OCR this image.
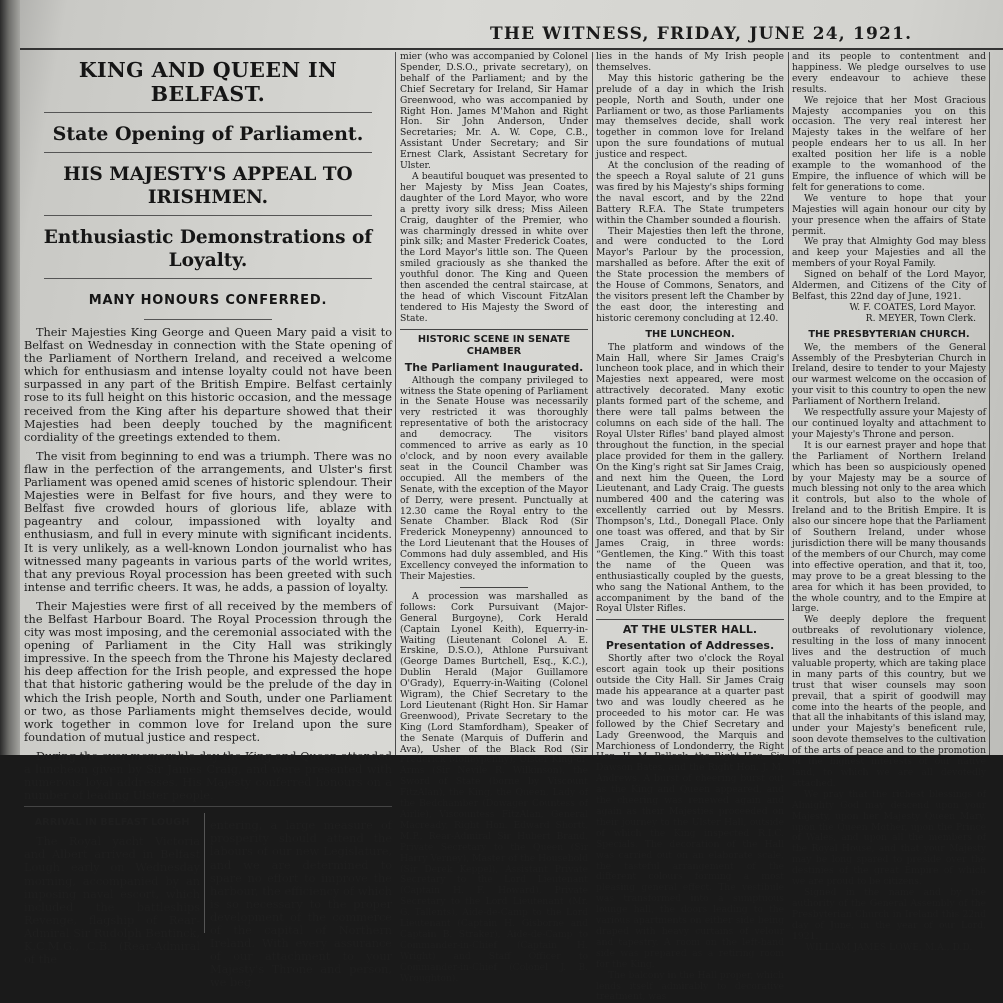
THE WITNESS, FRIDAY, JUNE 24, 1921.
KING AND QUEEN IN BELFAST.
State Opening of Parliament.
HIS MAJESTY'S APPEAL TO IRISHMEN.
Enthusiastic Demonstrations of Loyalty.
MANY HONOURS CONFERRED.

Their Majesties King George and Queen Mary paid a visit to Belfast on Wednesday in connection with the State opening of the Parliament of Northern Ireland, and received a welcome which for enthusiasm and intense loyalty could not have been surpassed in any part of the British Empire. Belfast certainly rose to its full height on this historic occasion, and the message received from the King after his departure showed that their Majesties had been deeply touched by the magnificent cordiality of the greetings extended to them.

The visit from beginning to end was a triumph. There was no flaw in the perfection of the arrangements, and Ulster's first Parliament was opened amid scenes of historic splendour. Their Majesties were in Belfast for five hours, and they were to Belfast five crowded hours of glorious life, ablaze with pageantry and colour, impassioned with loyalty and enthusiasm, and full in every minute with significant incidents. It is very unlikely, as a well-known London journalist who has witnessed many pageants in various parts of the world writes, that any previous Royal procession has been greeted with such intense and terrific cheers. It was, he adds, a passion of loyalty.

Their Majesties were first of all received by the members of the Belfast Harbour Board. The Royal Procession through the city was most imposing, and the ceremonial associated with the opening of Parliament in the City Hall was strikingly impressive. In the speech from the Throne his Majesty declared his deep affection for the Irish people, and expressed the hope that that historic gathering would be the prelude of the day in which the Irish people, North and South, under one Parliament or two, as those Parliaments might themselves decide, would work together in common love for Ireland upon the sure foundation of mutual justice and respect.

During the ever memorable day the King and Queen attended a luncheon given by Sir James Craig, and were presented with numerous loyal addresses. His Majesty conferred honours on a number of leading Ulster people.

ARRIVAL IN BELFAST LOUGH

The Royal yacht Victoria and Albert arrived in Belfast Lough early on Wednesday morning, accompanied by an imposing naval escort, which included the battleships Revenge, flagship of Rear-Admiral Sir Rudolph Bentinck, K.C.M.G., C.B. (Rear-Admiral of the

entering, a large measure of prosperity should attend the labours of our new Legislature, and we are determined to spare no effort to improve the harbour, the efficiency of which is so necessary to the proper development of the commerce of the capital of Northern Ireland. With every assurance of our attachment to your Majesty's Throne and person, we beg

mier (who was accompanied by Colonel Spender, D.S.O., private secretary), on behalf of the Parliament; and by the Chief Secretary for Ireland, Sir Hamar Greenwood, who was accompanied by Right Hon. James M'Mahon and Right Hon. Sir John Anderson, Under Secretaries; Mr. A. W. Cope, C.B., Assistant Under Secretary; and Sir Ernest Clark, Assistant Secretary for Ulster.

A beautiful bouquet was presented to her Majesty by Miss Jean Coates, daughter of the Lord Mayor, who wore a pretty ivory silk dress; Miss Aileen Craig, daughter of the Premier, who was charmingly dressed in white over pink silk; and Master Frederick Coates, the Lord Mayor's little son. The Queen smiled graciously as she thanked the youthful donor. The King and Queen then ascended the central staircase, at the head of which Viscount FitzAlan tendered to His Majesty the Sword of State.

HISTORIC SCENE IN SENATE CHAMBER
The Parliament Inaugurated.

Although the company privileged to witness the State opening of Parliament in the Senate House was necessarily very restricted it was thoroughly representative of both the aristocracy and democracy. The visitors commenced to arrive as early as 10 o'clock, and by noon every available seat in the Council Chamber was occupied. All the members of the Senate, with the exception of the Mayor of Derry, were present. Punctually at 12.30 came the Royal entry to the Senate Chamber. Black Rod (Sir Frederick Moneypenny) announced to the Lord Lieutenant that the Houses of Commons had duly assembled, and His Excellency conveyed the information to Their Majesties.

A procession was marshalled as follows: Cork Pursuivant (Major-General Burgoyne), Cork Herald (Captain Lyonel Keith), Equerry-in-Waiting (Lieutenant Colonel A. E. Erskine, D.S.O.), Athlone Pursuivant (George Dames Burtchell, Esq., K.C.), Dublin Herald (Major Guillamore O'Grady), Equerry-in-Waiting (Colonel Wigram), the Chief Secretary to the Lord Lieutenant (Right Hon. Sir Hamar Greenwood), Private Secretary to the King (Lord Stamfordham), Speaker of the Senate (Marquis of Dufferin and Ava), Usher of the Black Rod (Sir Frederick Moneypenny), Ulster King-of-Arms (Sir Nevile R. Wilkinson), the Sword of State (borne by Viscount FitzAlan), the King, the Queen, Lady of the Bedchamber (Dowager Countess of Airlie), Viscountess FitzAlan, General Macready, Right Hon. Edward Shortt, M.P., Rear-Admiral Sir Hubert Brand, Private Secretary to the Queen (Sir Harry Verney), Master of the Household (Sir Derek Keppel), Assistant Private Secretary to the Lord Lieutenant (Captain H. F. Howard), Private Secretary to the Lord Lieutenant (Mr. G. Tallents), Aide-de-Camp to the Lord Lieutenant (Captain H. Gisborne and Captain B. Straker), Aide-de-Camp to Commander-in-Chief (Captain H. Wright) and Staff Officer to Commander-in-Chief (Colonel J. B. Wroughton).

lies in the hands of My Irish people themselves.

May this historic gathering be the prelude of a day in which the Irish people, North and South, under one Parliament or two, as those Parliaments may themselves decide, shall work together in common love for Ireland upon the sure foundations of mutual justice and respect.

At the conclusion of the reading of the speech a Royal salute of 21 guns was fired by his Majesty's ships forming the naval escort, and by the 22nd Battery R.F.A. The State trumpeters within the Chamber sounded a flourish.

Their Majesties then left the throne, and were conducted to the Lord Mayor's Parlour by the procession, marshalled as before. After the exit of the State procession the members of the House of Commons, Senators, and the visitors present left the Chamber by the east door, the interesting and historic ceremony concluding at 12.40.

THE LUNCHEON.

The platform and windows of the Main Hall, where Sir James Craig's luncheon took place, and in which their Majesties next appeared, were most attractively decorated. Many exotic plants formed part of the scheme, and there were tall palms between the columns on each side of the hall. The Royal Ulster Rifles' band played almost throughout the function, in the special place provided for them in the gallery. On the King's right sat Sir James Craig, and next him the Queen, the Lord Lieutenant, and Lady Craig. The guests numbered 400 and the catering was excellently carried out by Messrs. Thompson's, Ltd., Donegall Place. Only one toast was offered, and that by Sir James Craig, in three words: “Gentlemen, the King.” With this toast the name of the Queen was enthusiastically coupled by the guests, who sang the National Anthem, to the accompaniment by the band of the Royal Ulster Rifles.

AT THE ULSTER HALL.
Presentation of Addresses.

Shortly after two o'clock the Royal escort again took up their positions outside the City Hall. Sir James Craig made his appearance at a quarter past two and was loudly cheered as he proceeded to his motor car. He was followed by the Chief Secretary and Lady Greenwood, the Marquis and Marchioness of Londonderry, the Right Hon. H. M. Pollock, the Right Hon. Sir Dawson Bates, and the Right Hon. J. M. Andrews. A burst of cheering burst out as the King and Queen appeared, and the cheering was renewed again and again as their Majesties proceeded on their journey to the Ulster Hall, outside of which the King inspected R.I.C. Specials. The decoration of the Hall was carried out on an elaborate scale, the tasteful arrangement of the different colours forming a most pleasing general effect. The vestibule was transformed into a sumptuous lounge hall, the doors leading to the various apartments on either side being draped with heavy curtains of velour and tapestry. A room on the left-hand side was prepared as a retiring room for the King.

The balcony in the Hall proper, which lends itself admirably to decorative treatment, was

and its people to contentment and happiness. We pledge ourselves to use every endeavour to achieve these results.

We rejoice that her Most Gracious Majesty accompanies you on this occasion. The very real interest her Majesty takes in the welfare of her people endears her to us all. In her exalted position her life is a noble example to the womanhood of the Empire, the influence of which will be felt for generations to come.

We venture to hope that your Majesties will again honour our city by your presence when the affairs of State permit.

We pray that Almighty God may bless and keep your Majesties and all the members of your Royal Family.

Signed on behalf of the Lord Mayor, Aldermen, and Citizens of the City of Belfast, this 22nd day of June, 1921.

W. F. COATES, Lord Mayor.
R. MEYER, Town Clerk.
THE PRESBYTERIAN CHURCH.

We, the members of the General Assembly of the Presbyterian Church in Ireland, desire to tender to your Majesty our warmest welcome on the occasion of your visit to this country to open the new Parliament of Northern Ireland.

We respectfully assure your Majesty of our continued loyalty and attachment to your Majesty's Throne and person.

It is our earnest prayer and hope that the Parliament of Northern Ireland which has been so auspiciously opened by your Majesty may be a source of much blessing not only to the area which it controls, but also to the whole of Ireland and to the British Empire. It is also our sincere hope that the Parliament of Southern Ireland, under whose jurisdiction there will be many thousands of the members of our Church, may come into effective operation, and that it, too, may prove to be a great blessing to the area for which it has been provided, to the whole country, and to the Empire at large.

We deeply deplore the frequent outbreaks of revolutionary violence, resulting in the loss of many innocent lives and the destruction of much valuable property, which are taking place in many parts of this country, but we trust that wiser counsels may soon prevail, that a spirit of goodwill may come into the hearts of the people, and that all the inhabitants of this island may, under your Majesty's beneficent rule, soon devote themselves to the cultivation of the arts of peace and to the promotion of the highest interests of our native land, to which we are all devotedly attached.

We pray that the richest blessings of Almighty God may descend upon your Majesty, upon her Majesty Queen Mary, upon the Queen Mother, upon the Prince of Wales, and upon all the members of the Royal House, and that your Majesty may be long spared to preside over the destinies of the great Empire of which we are proud to be citizens.

Signed in the name and by the authority of the General Assembly of the Presbyterian Church in Ireland this 22nd day of June, in the year of our Lord, 1921.

WILLIAM JAMES LOWE, M.A., D.D.
